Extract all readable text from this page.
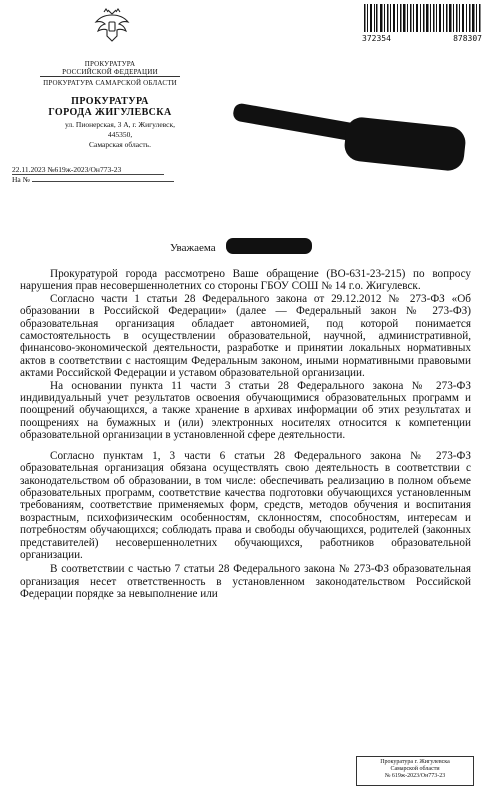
ПРОКУРАТУРА
РОССИЙСКОЙ ФЕДЕРАЦИИ
ПРОКУРАТУРА САМАРСКОЙ ОБЛАСТИ
ПРОКУРАТУРА
ГОРОДА ЖИГУЛЕВСКА
ул. Пионерская, 3 А, г. Жигулевск, 445350,
Самарская область.
22.11.2023 №619ж-2023/Он773-23
На №
372354	878307
Уважаема

Прокуратурой города рассмотрено Ваше обращение (ВО-631-23-215) по вопросу нарушения прав несовершеннолетних со стороны ГБОУ СОШ № 14 г.о. Жигулевск.

Согласно части 1 статьи 28 Федерального закона от 29.12.2012 № 273-ФЗ «Об образовании в Российской Федерации» (далее — Федеральный закон № 273-ФЗ) образовательная организация обладает автономией, под которой понимается самостоятельность в осуществлении образовательной, научной, административной, финансово-экономической деятельности, разработке и принятии локальных нормативных актов в соответствии с настоящим Федеральным законом, иными нормативными правовыми актами Российской Федерации и уставом образовательной организации.

На основании пункта 11 части 3 статьи 28 Федерального закона № 273-ФЗ индивидуальный учет результатов освоения обучающимися образовательных программ и поощрений обучающихся, а также хранение в архивах информации об этих результатах и поощрениях на бумажных и (или) электронных носителях относится к компетенции образовательной организации в установленной сфере деятельности.

Согласно пунктам 1, 3 части 6 статьи 28 Федерального закона № 273-ФЗ образовательная организация обязана осуществлять свою деятельность в соответствии с законодательством об образовании, в том числе: обеспечивать реализацию в полном объеме образовательных программ, соответствие качества подготовки обучающихся установленным требованиям, соответствие применяемых форм, средств, методов обучения и воспитания возрастным, психофизическим особенностям, склонностям, способностям, интересам и потребностям обучающихся; соблюдать права и свободы обучающихся, родителей (законных представителей) несовершеннолетних обучающихся, работников образовательной организации.

В соответствии с частью 7 статьи 28 Федерального закона № 273-ФЗ образовательная организация несет ответственность в установленном законодательством Российской Федерации порядке за невыполнение или

Прокуратура г. Жигулевска
Самарской области
№ 619ж-2023/Он773-23
